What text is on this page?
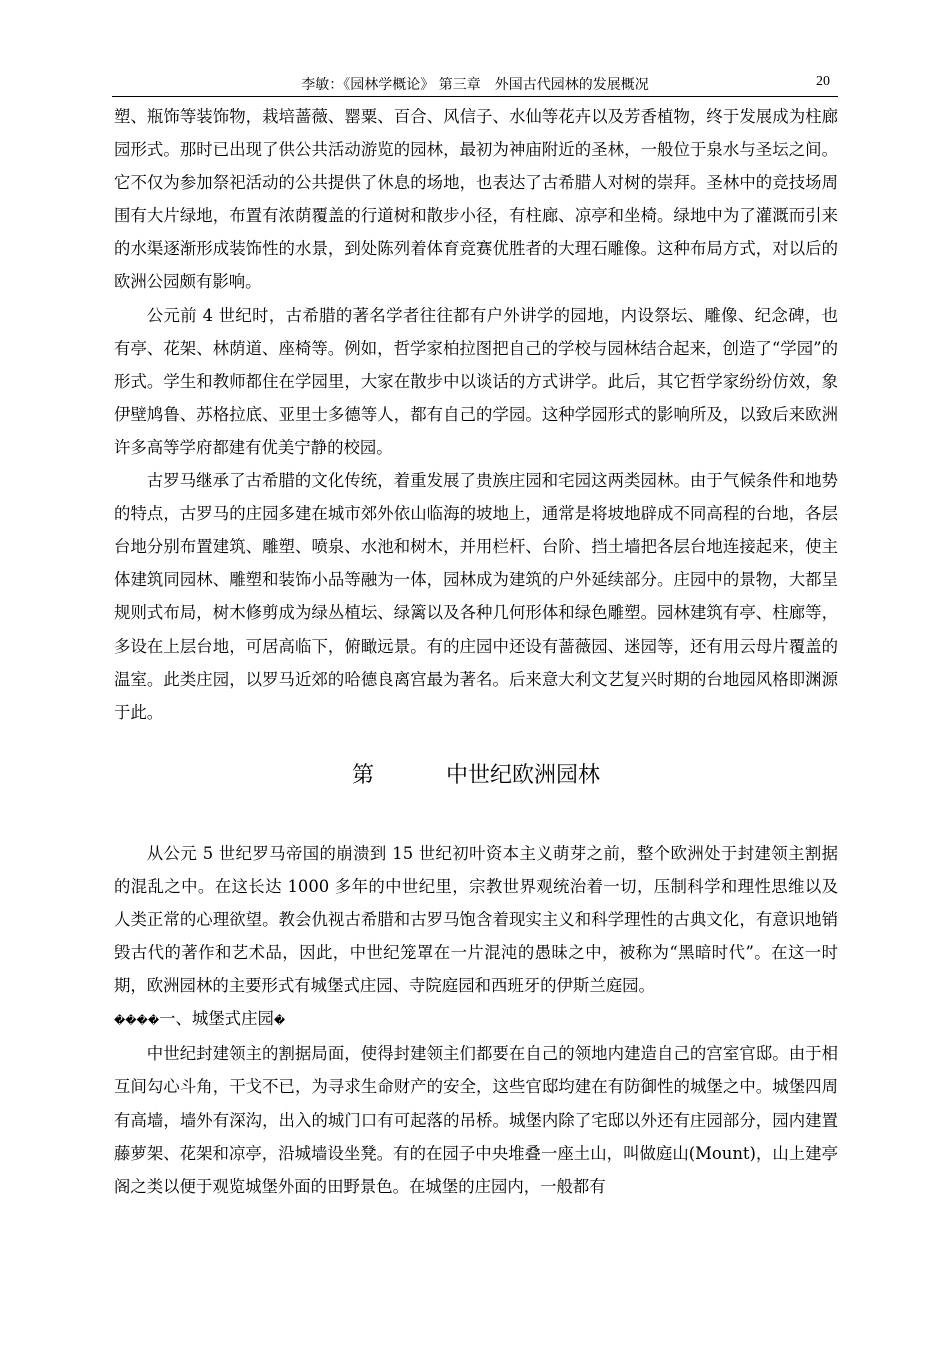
李敏：《园林学概论》 第三章　外国古代园林的发展概况	20

塑、瓶饰等装饰物，栽培蔷薇、罂粟、百合、风信子、水仙等花卉以及芳香植物，终于发展成为柱廊园形式。那时已出现了供公共活动游览的园林，最初为神庙附近的圣林，一般位于泉水与圣坛之间。它不仅为参加祭祀活动的公共提供了休息的场地，也表达了古希腊人对树的崇拜。圣林中的竞技场周围有大片绿地，布置有浓荫覆盖的行道树和散步小径，有柱廊、凉亭和坐椅。绿地中为了灌溉而引来的水渠逐渐形成装饰性的水景，到处陈列着体育竞赛优胜者的大理石雕像。这种布局方式，对以后的欧洲公园颇有影响。

公元前 4 世纪时，古希腊的著名学者往往都有户外讲学的园地，内设祭坛、雕像、纪念碑，也有亭、花架、林荫道、座椅等。例如，哲学家柏拉图把自己的学校与园林结合起来，创造了“学园”的形式。学生和教师都住在学园里，大家在散步中以谈话的方式讲学。此后，其它哲学家纷纷仿效，象伊壁鸠鲁、苏格拉底、亚里士多德等人，都有自己的学园。这种学园形式的影响所及，以致后来欧洲许多高等学府都建有优美宁静的校园。

古罗马继承了古希腊的文化传统，着重发展了贵族庄园和宅园这两类园林。由于气候条件和地势的特点，古罗马的庄园多建在城市郊外依山临海的坡地上，通常是将坡地辟成不同高程的台地，各层台地分别布置建筑、雕塑、喷泉、水池和树木，并用栏杆、台阶、挡土墙把各层台地连接起来，使主体建筑同园林、雕塑和装饰小品等融为一体，园林成为建筑的户外延续部分。庄园中的景物，大都呈规则式布局，树木修剪成为绿丛植坛、绿篱以及各种几何形体和绿色雕塑。园林建筑有亭、柱廊等，多设在上层台地，可居高临下，俯瞰远景。有的庄园中还设有蔷薇园、迷园等，还有用云母片覆盖的温室。此类庄园，以罗马近郊的哈德良离宫最为著名。后来意大利文艺复兴时期的台地园风格即渊源于此。

第	中世纪欧洲园林

从公元 5 世纪罗马帝国的崩溃到 15 世纪初叶资本主义萌芽之前，整个欧洲处于封建领主割据的混乱之中。在这长达 1000 多年的中世纪里，宗教世界观统治着一切，压制科学和理性思维以及人类正常的心理欲望。教会仇视古希腊和古罗马饱含着现实主义和科学理性的古典文化，有意识地销毁古代的著作和艺术品，因此，中世纪笼罩在一片混沌的愚昧之中，被称为“黑暗时代”。在这一时期，欧洲园林的主要形式有城堡式庄园、寺院庭园和西班牙的伊斯兰庭园。

����一、城堡式庄园�

中世纪封建领主的割据局面，使得封建领主们都要在自己的领地内建造自己的宫室官邸。由于相互间勾心斗角，干戈不已，为寻求生命财产的安全，这些官邸均建在有防御性的城堡之中。城堡四周有高墙，墙外有深沟，出入的城门口有可起落的吊桥。城堡内除了宅邸以外还有庄园部分，园内建置藤萝架、花架和凉亭，沿城墙设坐凳。有的在园子中央堆叠一座土山，叫做庭山(Mount)，山上建亭阁之类以便于观览城堡外面的田野景色。在城堡的庄园内，一般都有
